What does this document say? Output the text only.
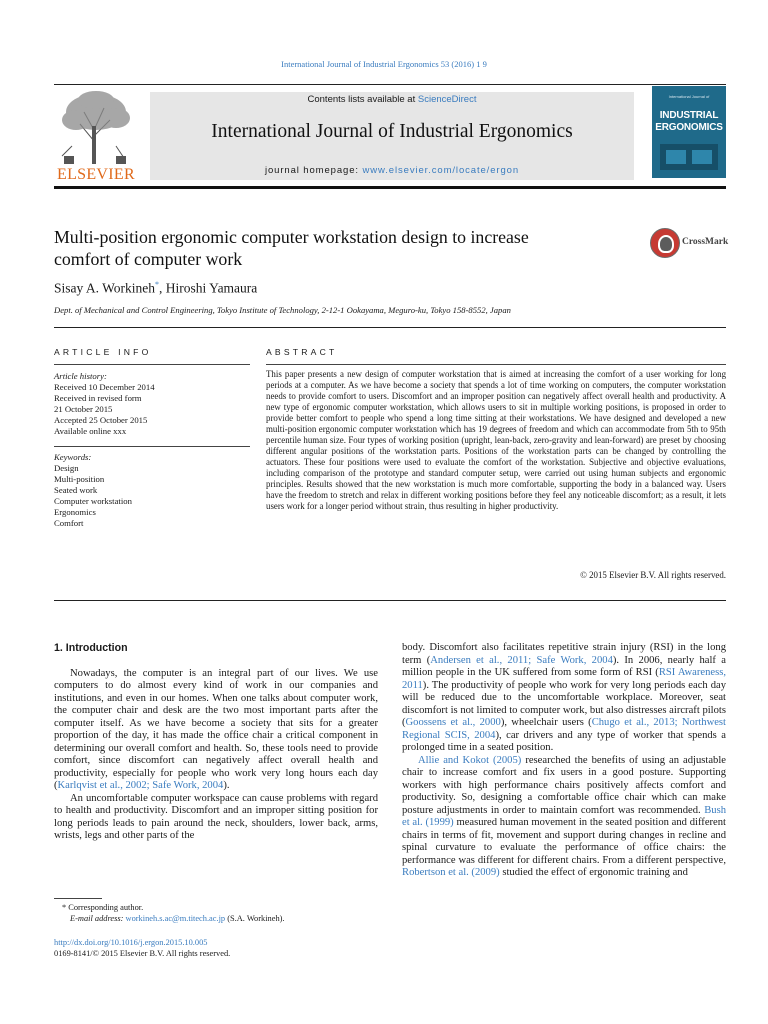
International Journal of Industrial Ergonomics 53 (2016) 1 9
ELSEVIER
Contents lists available at ScienceDirect
International Journal of Industrial Ergonomics
journal homepage: www.elsevier.com/locate/ergon
International Journal of
INDUSTRIAL
ERGONOMICS
Multi-position ergonomic computer workstation design to increase
comfort of computer work
CrossMark
Sisay A. Workineh*, Hiroshi Yamaura
Dept. of Mechanical and Control Engineering, Tokyo Institute of Technology, 2-12-1 Ookayama, Meguro-ku, Tokyo 158-8552, Japan
ARTICLE INFO
Article history:
Received 10 December 2014
Received in revised form
21 October 2015
Accepted 25 October 2015
Available online xxx
Keywords:
Design
Multi-position
Seated work
Computer workstation
Ergonomics
Comfort
ABSTRACT
This paper presents a new design of computer workstation that is aimed at increasing the comfort of a user working for long periods at a computer. As we have become a society that spends a lot of time working on computers, the computer workstation needs to provide comfort to users. Discomfort and an improper position can negatively affect overall health and productivity. A new type of ergonomic computer workstation, which allows users to sit in multiple working positions, is proposed in order to provide better comfort to people who spend a long time sitting at their workstations. We have designed and developed a new multi-position ergonomic computer workstation which has 19 degrees of freedom and which can accommodate from 5th to 95th percentile human size. Four types of working position (upright, lean-back, zero-gravity and lean-forward) are preset by choosing different angular positions of the workstation parts. Positions of the workstation parts can be changed by controlling the actuators. These four positions were used to evaluate the comfort of the workstation. Subjective and objective evaluations, including comparison of the prototype and standard computer setup, were carried out using human subjects and ergonomic principles. Results showed that the new workstation is much more comfortable, supporting the body in a balanced way. Users have the freedom to stretch and relax in different working positions before they feel any noticeable discomfort; as a result, it lets users work for a longer period without strain, thus resulting in higher productivity.
© 2015 Elsevier B.V. All rights reserved.

1. Introduction

Nowadays, the computer is an integral part of our lives. We use computers to do almost every kind of work in our companies and institutions, and even in our homes. When one talks about computer work, the computer chair and desk are the two most important parts after the computer itself. As we have become a society that sits for a greater proportion of the day, it has made the office chair a critical component in determining our overall comfort and health. So, these tools need to provide comfort, since discomfort can negatively affect overall health and productivity, especially for people who work very long hours each day (Karlqvist et al., 2002; Safe Work, 2004).

An uncomfortable computer workspace can cause problems with regard to health and productivity. Discomfort and an improper sitting position for long periods leads to pain around the neck, shoulders, lower back, arms, wrists, legs and other parts of the

body. Discomfort also facilitates repetitive strain injury (RSI) in the long term (Andersen et al., 2011; Safe Work, 2004). In 2006, nearly half a million people in the UK suffered from some form of RSI (RSI Awareness, 2011). The productivity of people who work for very long periods each day will be reduced due to the uncomfortable workplace. Moreover, seat discomfort is not limited to computer work, but also distresses aircraft pilots (Goossens et al., 2000), wheelchair users (Chugo et al., 2013; Northwest Regional SCIS, 2004), car drivers and any type of worker that spends a prolonged time in a seated position.

Allie and Kokot (2005) researched the benefits of using an adjustable chair to increase comfort and fix users in a good posture. Supporting workers with high performance chairs positively affects comfort and productivity. So, designing a comfortable office chair which can make posture adjustments in order to maintain comfort was recommended. Bush et al. (1999) measured human movement in the seated position and different chairs in terms of fit, movement and support during changes in recline and spinal curvature to evaluate the performance of office chairs: the performance was different for different chairs. From a different perspective, Robertson et al. (2009) studied the effect of ergonomic training and

* Corresponding author.
E-mail address: workineh.s.ac@m.titech.ac.jp (S.A. Workineh).
http://dx.doi.org/10.1016/j.ergon.2015.10.005
0169-8141/© 2015 Elsevier B.V. All rights reserved.
